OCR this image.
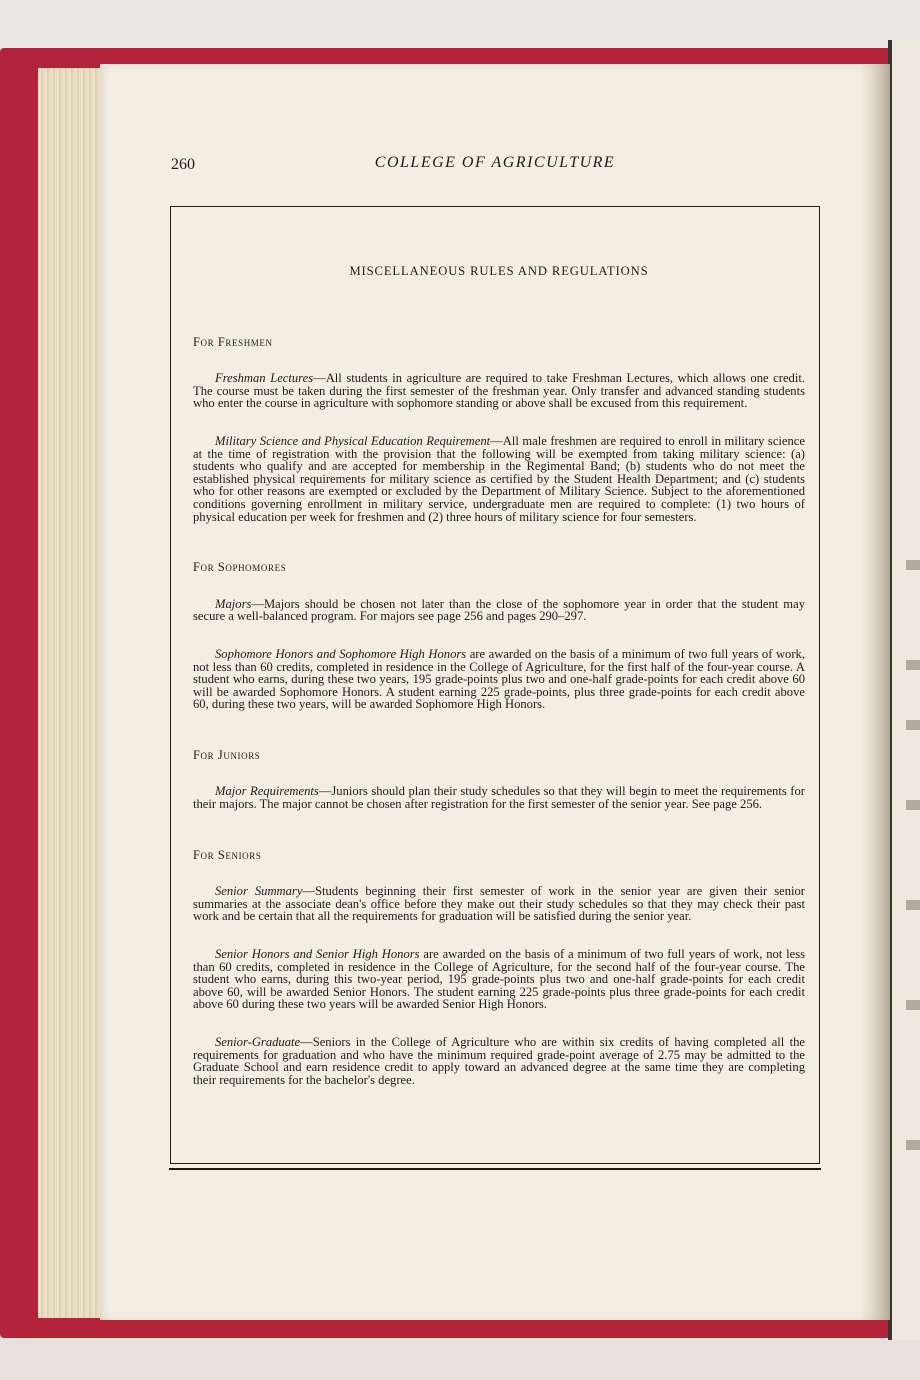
260	COLLEGE OF AGRICULTURE
MISCELLANEOUS RULES AND REGULATIONS
For Freshmen

Freshman Lectures—All students in agriculture are required to take Freshman Lectures, which allows one credit. The course must be taken during the first semester of the freshman year. Only transfer and advanced standing students who enter the course in agriculture with sophomore standing or above shall be excused from this requirement.

Military Science and Physical Education Requirement—All male freshmen are required to enroll in military science at the time of registration with the provision that the following will be exempted from taking military science: (a) students who qualify and are accepted for membership in the Regimental Band; (b) students who do not meet the established physical requirements for military science as certified by the Student Health Department; and (c) students who for other reasons are exempted or excluded by the Department of Military Science. Subject to the aforementioned conditions governing enrollment in military service, undergraduate men are required to complete: (1) two hours of physical education per week for freshmen and (2) three hours of military science for four semesters.

For Sophomores

Majors—Majors should be chosen not later than the close of the sophomore year in order that the student may secure a well-balanced program. For majors see page 256 and pages 290–297.

Sophomore Honors and Sophomore High Honors are awarded on the basis of a minimum of two full years of work, not less than 60 credits, completed in residence in the College of Agriculture, for the first half of the four-year course. A student who earns, during these two years, 195 grade-points plus two and one-half grade-points for each credit above 60 will be awarded Sophomore Honors. A student earning 225 grade-points, plus three grade-points for each credit above 60, during these two years, will be awarded Sophomore High Honors.

For Juniors

Major Requirements—Juniors should plan their study schedules so that they will begin to meet the requirements for their majors. The major cannot be chosen after registration for the first semester of the senior year. See page 256.

For Seniors

Senior Summary—Students beginning their first semester of work in the senior year are given their senior summaries at the associate dean's office before they make out their study schedules so that they may check their past work and be certain that all the requirements for graduation will be satisfied during the senior year.

Senior Honors and Senior High Honors are awarded on the basis of a minimum of two full years of work, not less than 60 credits, completed in residence in the College of Agriculture, for the second half of the four-year course. The student who earns, during this two-year period, 195 grade-points plus two and one-half grade-points for each credit above 60, will be awarded Senior Honors. The student earning 225 grade-points plus three grade-points for each credit above 60 during these two years will be awarded Senior High Honors.

Senior-Graduate—Seniors in the College of Agriculture who are within six credits of having completed all the requirements for graduation and who have the minimum required grade-point average of 2.75 may be admitted to the Graduate School and earn residence credit to apply toward an advanced degree at the same time they are completing their requirements for the bachelor's degree.
